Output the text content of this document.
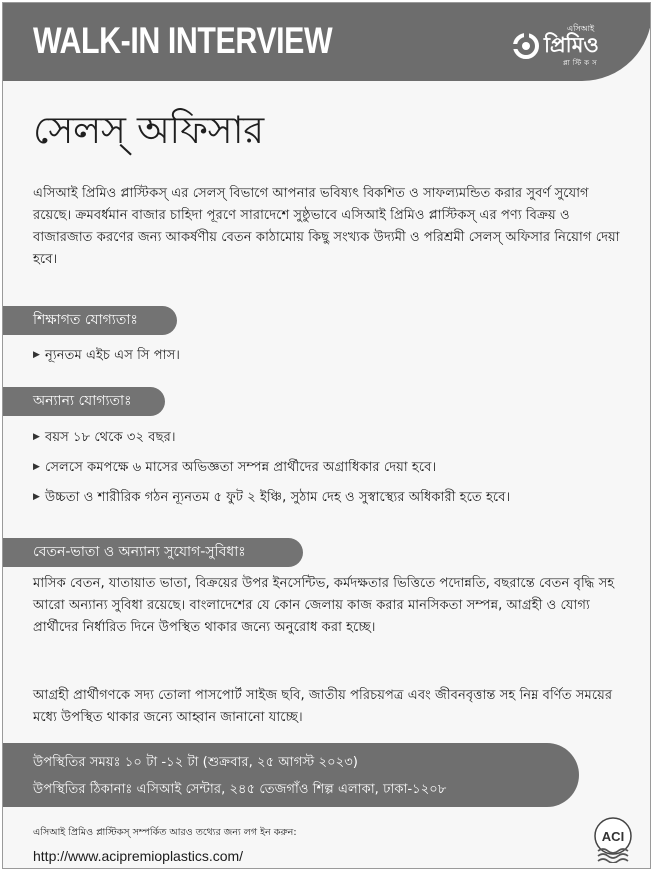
WALK-IN INTERVIEW	এসিআই
প্রিমিও
প্লাস্টিকস
সেলস্ অফিসার

এসিআই প্রিমিও প্লাস্টিকস্ এর সেলস্ বিভাগে আপনার ভবিষ্যৎ বিকশিত ও সাফল্যমন্ডিত করার সুবর্ণ সুযোগ রয়েছে। ক্রমবর্ধমান বাজার চাহিদা পূরণে সারাদেশে সুষ্ঠুভাবে এসিআই প্রিমিও প্লাস্টিকস্ এর পণ্য বিক্রয় ও বাজারজাত করণের জন্য আকর্ষণীয় বেতন কাঠামোয় কিছু সংখ্যক উদ্যমী ও পরিশ্রমী সেলস্ অফিসার নিয়োগ দেয়া হবে।

শিক্ষাগত যোগ্যতাঃ
▶ ন্যূনতম এইচ এস সি পাস।
অন্যান্য যোগ্যতাঃ
▶ বয়স ১৮ থেকে ৩২ বছর।
▶ সেলসে কমপক্ষে ৬ মাসের অভিজ্ঞতা সম্পন্ন প্রার্থীদের অগ্রাধিকার দেয়া হবে।
▶ উচ্চতা ও শারীরিক গঠন ন্যূনতম ৫ ফুট ২ ইঞ্চি, সুঠাম দেহ ও সুস্বাস্থ্যের অধিকারী হতে হবে।
বেতন-ভাতা ও অন্যান্য সুযোগ-সুবিধাঃ

মাসিক বেতন, যাতায়াত ভাতা, বিক্রয়ের উপর ইনসেন্টিভ, কর্মদক্ষতার ভিত্তিতে পদোন্নতি, বছরান্তে বেতন বৃদ্ধি সহ আরো অন্যান্য সুবিধা রয়েছে। বাংলাদেশের যে কোন জেলায় কাজ করার মানসিকতা সম্পন্ন, আগ্রহী ও যোগ্য প্রার্থীদের নির্ধারিত দিনে উপস্থিত থাকার জন্যে অনুরোধ করা হচ্ছে।

আগ্রহী প্রার্থীগণকে সদ্য তোলা পাসপোর্ট সাইজ ছবি, জাতীয় পরিচয়পত্র এবং জীবনবৃত্তান্ত সহ নিম্ন বর্ণিত সময়ের মধ্যে উপস্থিত থাকার জন্যে আহ্বান জানানো যাচ্ছে।

উপস্থিতির সময়ঃ ১০ টা -১২ টা (শুক্রবার, ২৫ আগস্ট ২০২৩)
উপস্থিতির ঠিকানাঃ এসিআই সেন্টার, ২৪৫ তেজগাঁও শিল্প এলাকা, ঢাকা-১২০৮
এসিআই প্রিমিও প্লাস্টিকস্ সম্পর্কিত আরও তথ্যের জন্য লগ ইন করুন:
http://www.acipremioplastics.com/
ACI
